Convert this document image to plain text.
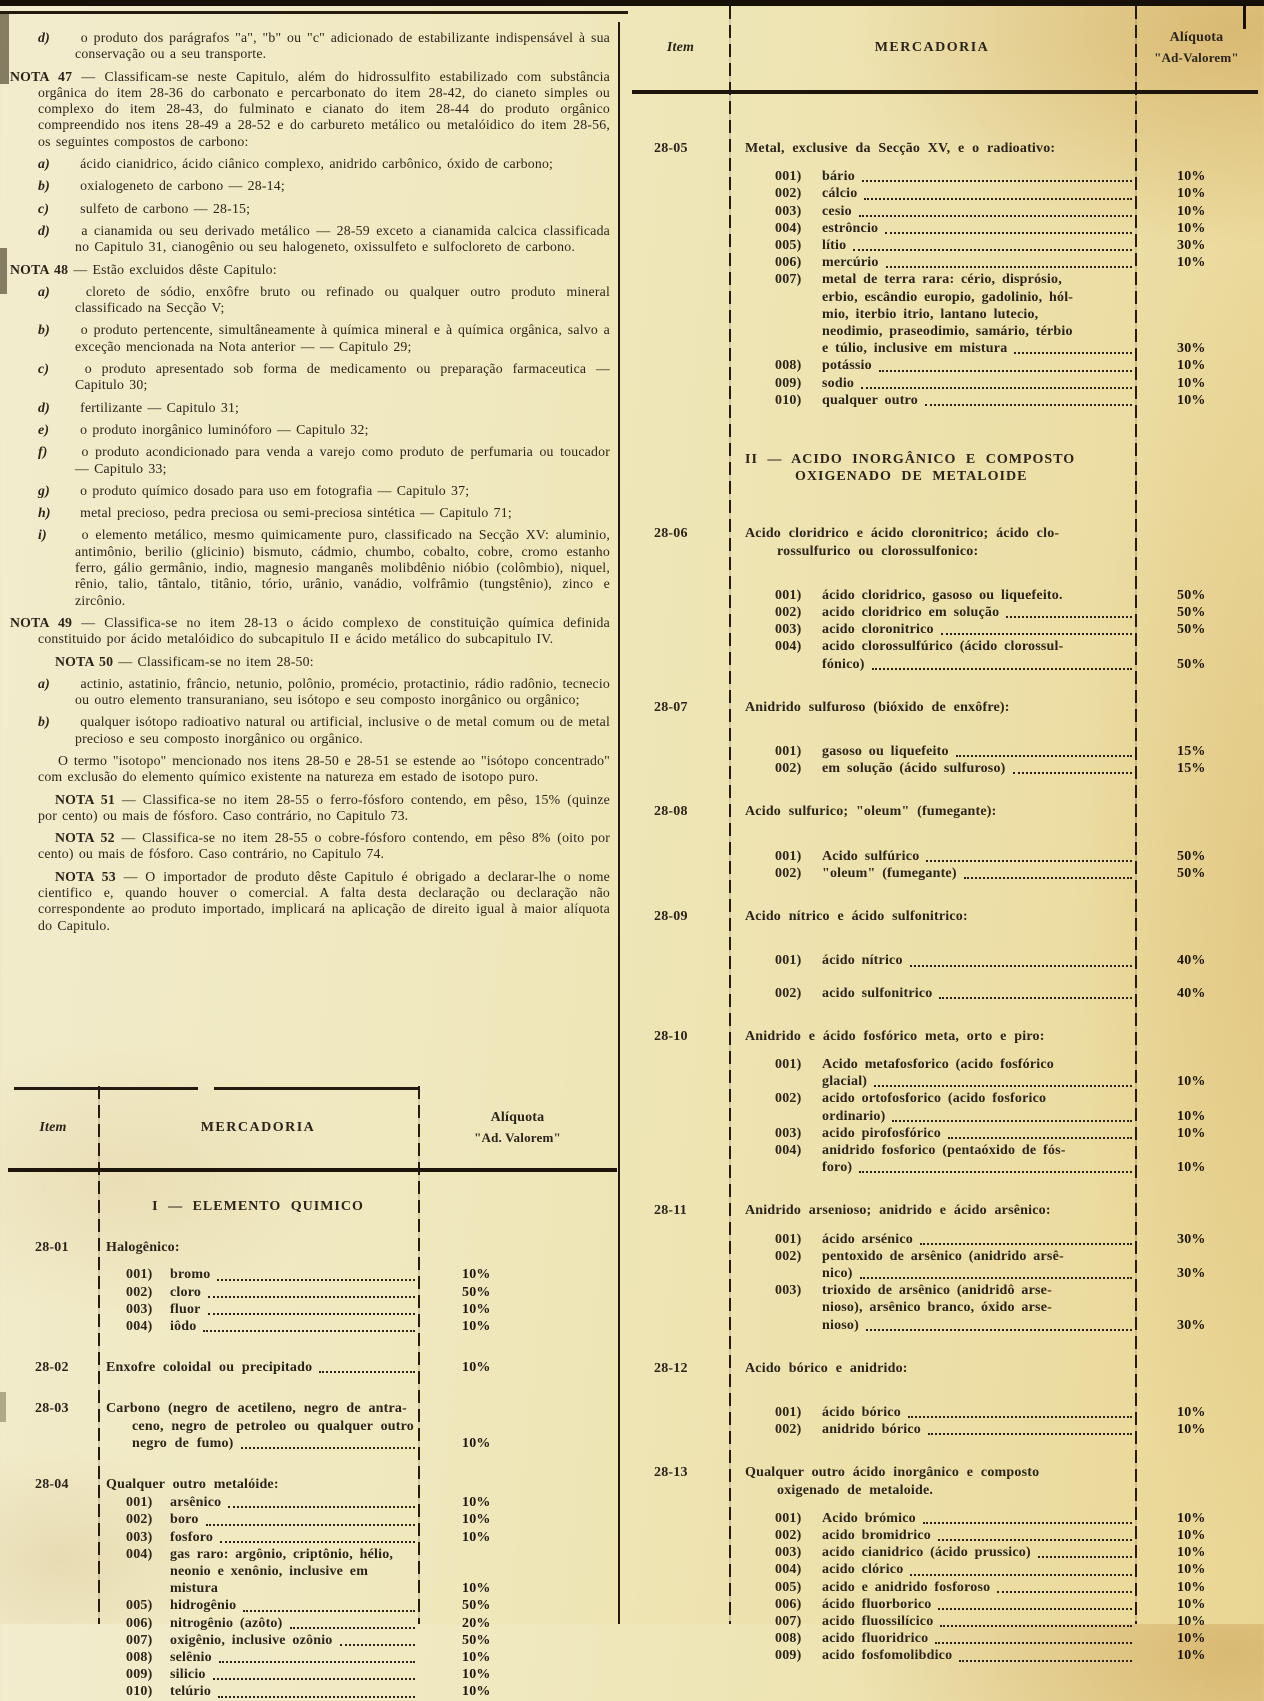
d) o produto dos parágrafos "a", "b" ou "c" adicionado de estabilizante indispensável à sua conservação ou a seu transporte.
NOTA 47 — Classificam-se neste Capitulo, além do hidrossulfito estabilizado com substância orgânica do item 28-36 do carbonato e percarbonato do item 28-42, do cianeto simples ou complexo do item 28-43, do fulminato e cianato do item 28-44 do produto orgânico compreendido nos itens 28-49 a 28-52 e do carbureto metálico ou metalóidico do item 28-56, os seguintes compostos de carbono:
a) ácido cianidrico, ácido ciânico complexo, anidrido carbônico, óxido de carbono;
b) oxialogeneto de carbono — 28-14;
c) sulfeto de carbono — 28-15;
d) a cianamida ou seu derivado metálico — 28-59 exceto a cianamida calcica classificada no Capitulo 31, cianogênio ou seu halogeneto, oxissulfeto e sulfocloreto de carbono.
NOTA 48 — Estão excluidos dêste Capitulo:
a) cloreto de sódio, enxôfre bruto ou refinado ou qualquer outro produto mineral classificado na Secção V;
b) o produto pertencente, simultâneamente à química mineral e à química orgânica, salvo a exceção mencionada na Nota anterior — — Capitulo 29;
c) o produto apresentado sob forma de medicamento ou preparação farmaceutica — Capitulo 30;
d) fertilizante — Capitulo 31;
e) o produto inorgânico luminóforo — Capitulo 32;
f) o produto acondicionado para venda a varejo como produto de perfumaria ou toucador — Capitulo 33;
g) o produto químico dosado para uso em fotografia — Capitulo 37;
h) metal precioso, pedra preciosa ou semi-preciosa sintética — Capitulo 71;
i) o elemento metálico, mesmo quimicamente puro, classificado na Secção XV: aluminio, antimônio, berilio (glicinio) bismuto, cádmio, chumbo, cobalto, cobre, cromo estanho ferro, gálio germânio, indio, magnesio manganês molibdênio nióbio (colômbio), niquel, rênio, talio, tântalo, titânio, tório, urânio, vanádio, volfrâmio (tungstênio), zinco e zircônio.
NOTA 49 — Classifica-se no item 28-13 o ácido complexo de constituição química definida constituido por ácido metalóidico do subcapitulo II e ácido metálico do subcapitulo IV.
NOTA 50 — Classificam-se no item 28-50:
a) actinio, astatinio, frâncio, netunio, polônio, promécio, protactinio, rádio radônio, tecnecio ou outro elemento transuraniano, seu isótopo e seu composto inorgânico ou orgânico;
b) qualquer isótopo radioativo natural ou artificial, inclusive o de metal comum ou de metal precioso e seu composto inorgânico ou orgânico.
O termo "isotopo" mencionado nos itens 28-50 e 28-51 se estende ao "isótopo concentrado" com exclusão do elemento químico existente na natureza em estado de isotopo puro.
NOTA 51 — Classifica-se no item 28-55 o ferro-fósforo contendo, em pêso, 15% (quinze por cento) ou mais de fósforo. Caso contrário, no Capitulo 73.
NOTA 52 — Classifica-se no item 28-55 o cobre-fósforo contendo, em pêso 8% (oito por cento) ou mais de fósforo. Caso contrário, no Capitulo 74.
NOTA 53 — O importador de produto dêste Capitulo é obrigado a declarar-lhe o nome cientifico e, quando houver o comercial. A falta desta declaração ou declaração não correspondente ao produto importado, implicará na aplicação de direito igual à maior alíquota do Capitulo.
Item	MERCADORIA
Alíquota
"Ad. Valorem"
I — ELEMENTO QUIMICO
28-01	Halogênico:
001)	bromo	10%
002)	cloro	50%
003)	fluor	10%
004)	iôdo	10%
28-02	Enxofre coloidal ou precipitado	10%
28-03	Carbono (negro de acetileno, negro de antra-
ceno, negro de petroleo ou qualquer outro
negro de fumo)	10%
28-04	Qualquer outro metalóide:
001)	arsênico	10%
002)	boro	10%
003)	fosforo	10%
004)	gas raro: argônio, criptônio, hélio,
neonio e xenônio, inclusive em mistura	10%
005)	hidrogênio	50%
006)	nitrogênio (azôto)	20%
007)	oxigênio, inclusive ozônio	50%
008)	selênio	10%
009)	silicio	10%
010)	telúrio	10%
Item	MERCADORIA
Alíquota
"Ad-Valorem"
28-05	Metal, exclusive da Secção XV, e o radioativo:
001)	bário	10%
002)	cálcio	10%
003)	cesio	10%
004)	estrôncio	10%
005)	lítio	30%
006)	mercúrio	10%
007)	metal de terra rara: cério, disprósio,
erbio, escândio europio, gadolinio, hól-
mio, iterbio itrio, lantano lutecio,
neodimio, praseodimio, samário, térbio
e túlio, inclusive em mistura	30%
008)	potássio	10%
009)	sodio	10%
010)	qualquer outro	10%
II — ACIDO INORGÂNICO E COMPOSTO
OXIGENADO DE METALOIDE
28-06	Acido cloridrico e ácido cloronitrico; ácido clo-
rossulfurico ou clorossulfonico:
001)	ácido cloridrico, gasoso ou liquefeito.	50%
002)	acido cloridrico em solução	50%
003)	acido cloronitrico	50%
004)	acido clorossulfúrico (ácido clorossul-
fónico)	50%
28-07	Anidrido sulfuroso (bióxido de enxôfre):
001)	gasoso ou liquefeito	15%
002)	em solução (ácido sulfuroso)	15%
28-08	Acido sulfurico; "oleum" (fumegante):
001)	Acido sulfúrico	50%
002)	"oleum" (fumegante)	50%
28-09	Acido nítrico e ácido sulfonitrico:
001)	ácido nítrico	40%
002)	acido sulfonitrico	40%
28-10	Anidrido e ácido fosfórico meta, orto e piro:
001)	Acido metafosforico (acido fosfórico
glacial)	10%
002)	acido ortofosforico (acido fosforico
ordinario)	10%
003)	acido pirofosfórico	10%
004)	anidrido fosforico (pentaóxido de fós-
foro)	10%
28-11	Anidrido arsenioso; anidrido e ácido arsênico:
001)	ácido arsénico	30%
002)	pentoxido de arsênico (anidrido arsê-
nico)	30%
003)	trioxido de arsênico (anidridô arse-
nioso), arsênico branco, óxido arse-
nioso)	30%
28-12	Acido bórico e anidrido:
001)	ácido bórico	10%
002)	anidrido bórico	10%
28-13	Qualquer outro ácido inorgânico e composto
oxigenado de metaloide.
001)	Acido brómico	10%
002)	acido bromidrico	10%
003)	acido cianidrico (ácido prussico)	10%
004)	acido clórico	10%
005)	acido e anidrido fosforoso	10%
006)	ácido fluorborico	10%
007)	acido fluossilícico	10%
008)	acido fluoridrico	10%
009)	acido fosfomolibdico	10%
